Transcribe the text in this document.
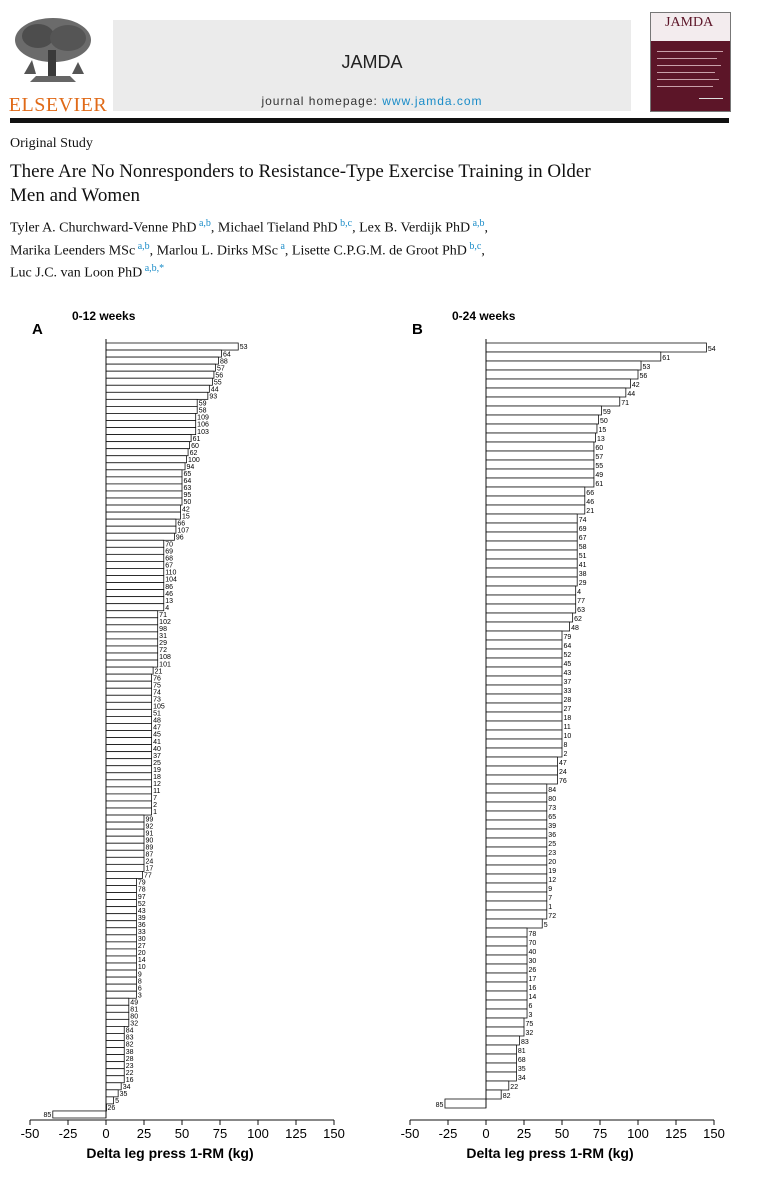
ELSEVIER
JAMDA
journal homepage: www.jamda.com
JAMDA
Original Study
There Are No Nonresponders to Resistance-Type Exercise Training in Older Men and Women
Tyler A. Churchward-Venne PhD $^{a,b}$, Michael Tieland PhD $^{b,c}$, Lex B. Verdijk PhD $^{a,b}$,
Marika Leenders MSc $^{a,b}$, Marlou L. Dirks MSc $^a$, Lisette C.P.G.M. de Groot PhD $^{b,c}$,
Luc J.C. van Loon PhD $^{a,b,*}$
A
0-12 weeks
53
64
88
57
56
55
44
93
59
58
109
106
103
61
60
62
100
94
65
64
63
95
50
42
15
66
107
96
70
69
68
67
110
104
86
46
13
4
71
102
98
31
29
72
108
101
21
76
75
74
73
105
51
48
47
45
41
40
37
25
19
18
12
11
7
2
1
99
92
91
90
89
87
24
17
77
79
78
97
52
43
39
36
33
30
27
20
14
10
9
8
6
3
49
81
80
32
84
83
82
38
28
23
22
16
34
35
5
26
85
-50 -25 0 25 50 75 100 125 150
Delta leg press 1-RM (kg)
B
0-24 weeks
54
61
53
56
42
44
71
59
50
15
13
60
57
55
49
61
66
46
21
74
69
67
58
51
41
38
29
4
77
63
62
48
79
64
52
45
43
37
33
28
27
18
11
10
8
2
47
24
76
84
80
73
65
39
36
25
23
20
19
12
9
7
1
72
5
78
70
40
30
26
17
16
14
6
3
75
32
83
81
68
35
34
22
82
85
-50 -25 0 25 50 75 100 125 150
Delta leg press 1-RM (kg)
